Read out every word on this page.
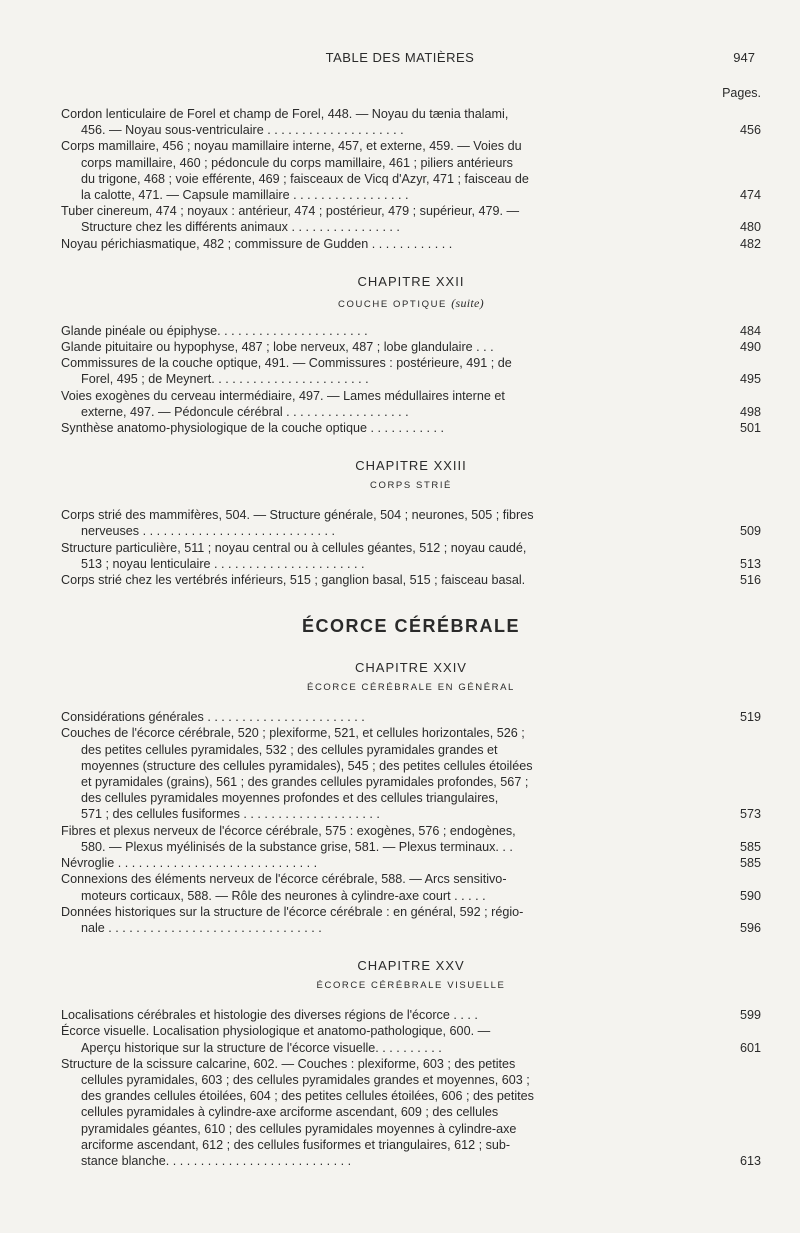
TABLE DES MATIÈRES	947
Pages.
Cordon lenticulaire de Forel et champ de Forel, 448. — Noyau du tænia thalami,
456. — Noyau sous-ventriculaire . . . . . . . . . . . . . . . . . . . .	456
Corps mamillaire, 456 ; noyau mamillaire interne, 457, et externe, 459. — Voies du
corps mamillaire, 460 ; pédoncule du corps mamillaire, 461 ; piliers antérieurs
du trigone, 468 ; voie efférente, 469 ; faisceaux de Vicq d'Azyr, 471 ; faisceau de
la calotte, 471. — Capsule mamillaire . . . . . . . . . . . . . . . . .	474
Tuber cinereum, 474 ; noyaux : antérieur, 474 ; postérieur, 479 ; supérieur, 479. —
Structure chez les différents animaux . . . . . . . . . . . . . . . .	480
Noyau périchiasmatique, 482 ; commissure de Gudden . . . . . . . . . . . .	482
CHAPITRE XXII
COUCHE OPTIQUE (suite)
Glande pinéale ou épiphyse. . . . . . . . . . . . . . . . . . . . . .	484
Glande pituitaire ou hypophyse, 487 ; lobe nerveux, 487 ; lobe glandulaire . . .	490
Commissures de la couche optique, 491. — Commissures : postérieure, 491 ; de
Forel, 495 ; de Meynert. . . . . . . . . . . . . . . . . . . . . . .	495
Voies exogènes du cerveau intermédiaire, 497. — Lames médullaires interne et
externe, 497. — Pédoncule cérébral . . . . . . . . . . . . . . . . . .	498
Synthèse anatomo-physiologique de la couche optique . . . . . . . . . . .	501
CHAPITRE XXIII
CORPS STRIÉ
Corps strié des mammifères, 504. — Structure générale, 504 ; neurones, 505 ; fibres
nerveuses . . . . . . . . . . . . . . . . . . . . . . . . . . . .	509
Structure particulière, 511 ; noyau central ou à cellules géantes, 512 ; noyau caudé,
513 ; noyau lenticulaire . . . . . . . . . . . . . . . . . . . . . .	513
Corps strié chez les vertébrés inférieurs, 515 ; ganglion basal, 515 ; faisceau basal.	516
ÉCORCE CÉRÉBRALE
CHAPITRE XXIV
ÉCORCE CÉRÉBRALE EN GÉNÉRAL
Considérations générales . . . . . . . . . . . . . . . . . . . . . . .	519
Couches de l'écorce cérébrale, 520 ; plexiforme, 521, et cellules horizontales, 526 ;
des petites cellules pyramidales, 532 ; des cellules pyramidales grandes et
moyennes (structure des cellules pyramidales), 545 ; des petites cellules étoilées
et pyramidales (grains), 561 ; des grandes cellules pyramidales profondes, 567 ;
des cellules pyramidales moyennes profondes et des cellules triangulaires,
571 ; des cellules fusiformes . . . . . . . . . . . . . . . . . . . .	573
Fibres et plexus nerveux de l'écorce cérébrale, 575 : exogènes, 576 ; endogènes,
580. — Plexus myélinisés de la substance grise, 581. — Plexus terminaux. . .	585
Névroglie . . . . . . . . . . . . . . . . . . . . . . . . . . . . .	585
Connexions des éléments nerveux de l'écorce cérébrale, 588. — Arcs sensitivo-
moteurs corticaux, 588. — Rôle des neurones à cylindre-axe court . . . . .	590
Données historiques sur la structure de l'écorce cérébrale : en général, 592 ; régio-
nale . . . . . . . . . . . . . . . . . . . . . . . . . . . . . . .	596
CHAPITRE XXV
ÉCORCE CÉRÉBRALE VISUELLE
Localisations cérébrales et histologie des diverses régions de l'écorce . . . .	599
Écorce visuelle. Localisation physiologique et anatomo-pathologique, 600. —
Aperçu historique sur la structure de l'écorce visuelle. . . . . . . . . .	601
Structure de la scissure calcarine, 602. — Couches : plexiforme, 603 ; des petites
cellules pyramidales, 603 ; des cellules pyramidales grandes et moyennes, 603 ;
des grandes cellules étoilées, 604 ; des petites cellules étoilées, 606 ; des petites
cellules pyramidales à cylindre-axe arciforme ascendant, 609 ; des cellules
pyramidales géantes, 610 ; des cellules pyramidales moyennes à cylindre-axe
arciforme ascendant, 612 ; des cellules fusiformes et triangulaires, 612 ; sub-
stance blanche. . . . . . . . . . . . . . . . . . . . . . . . . . .	613
